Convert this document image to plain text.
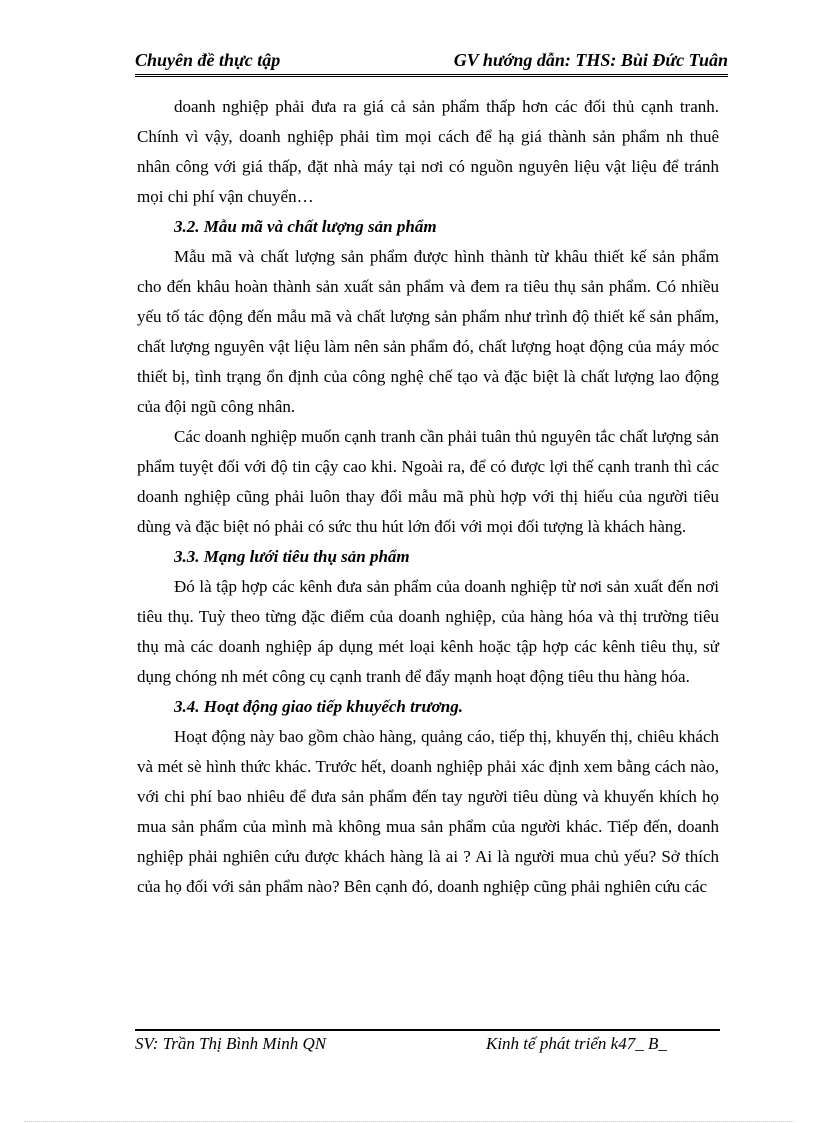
Chuyên đề thực tập	GV hướng dẫn: THS: Bùi Đức Tuân

doanh nghiệp phải đưa ra giá cả sản phẩm thấp hơn các đối thủ cạnh tranh. Chính vì vậy, doanh nghiệp phải tìm mọi cách để hạ giá thành sản phẩm nh thuê nhân công với giá thấp, đặt nhà máy tại nơi có nguồn nguyên liệu vật liệu để tránh mọi chi phí vận chuyển…

3.2. Mẫu mã và chất lượng sản phẩm

Mẫu mã và chất lượng sản phẩm được hình thành từ khâu thiết kế sản phẩm cho đến khâu hoàn thành sản xuất sản phẩm và đem ra tiêu thụ sản phẩm. Có nhiều yếu tố tác động đến mẫu mã và chất lượng sản phẩm như trình độ thiết kế sản phẩm, chất lượng nguyên vật liệu làm nên sản phẩm đó, chất lượng hoạt động của máy móc thiết bị, tình trạng ổn định của công nghệ chế tạo và đặc biệt là chất lượng lao động của đội ngũ công nhân.

Các doanh nghiệp muốn cạnh tranh cần phải tuân thủ nguyên tắc chất lượng sản phẩm tuyệt đối với độ tin cậy cao khi. Ngoài ra, để có được lợi thế cạnh tranh thì các doanh nghiệp cũng phải luôn thay đổi mẫu mã phù hợp với thị hiếu của người tiêu dùng và đặc biệt nó phải có sức thu hút lớn đối với mọi đối tượng là khách hàng.

3.3. Mạng lưới tiêu thụ sản phẩm

Đó là tập hợp các kênh đưa sản phẩm của doanh nghiệp từ nơi sản xuất đến nơi tiêu thụ. Tuỳ theo từng đặc điểm của doanh nghiệp, của hàng hóa và thị trường tiêu thụ mà các doanh nghiệp áp dụng mét loại kênh hoặc tập hợp các kênh tiêu thụ, sử dụng chóng nh mét công cụ cạnh tranh để đẩy mạnh hoạt động tiêu thu hàng hóa.

3.4. Hoạt động giao tiếp khuyếch trương.

Hoạt động này bao gồm chào hàng, quảng cáo, tiếp thị, khuyến thị, chiêu khách và mét sè hình thức khác. Trước hết, doanh nghiệp phải xác định xem bằng cách nào, với chi phí bao nhiêu để đưa sản phẩm đến tay người tiêu dùng và khuyến khích họ mua sản phẩm của mình mà không mua sản phẩm của người khác. Tiếp đến, doanh nghiệp phải nghiên cứu được khách hàng là ai ? Ai là người mua chủ yếu? Sở thích của họ đối với sản phẩm nào? Bên cạnh đó, doanh nghiệp cũng phải nghiên cứu các

SV: Trần Thị Bình Minh QN	Kinh tế phát triển k47_ B_
